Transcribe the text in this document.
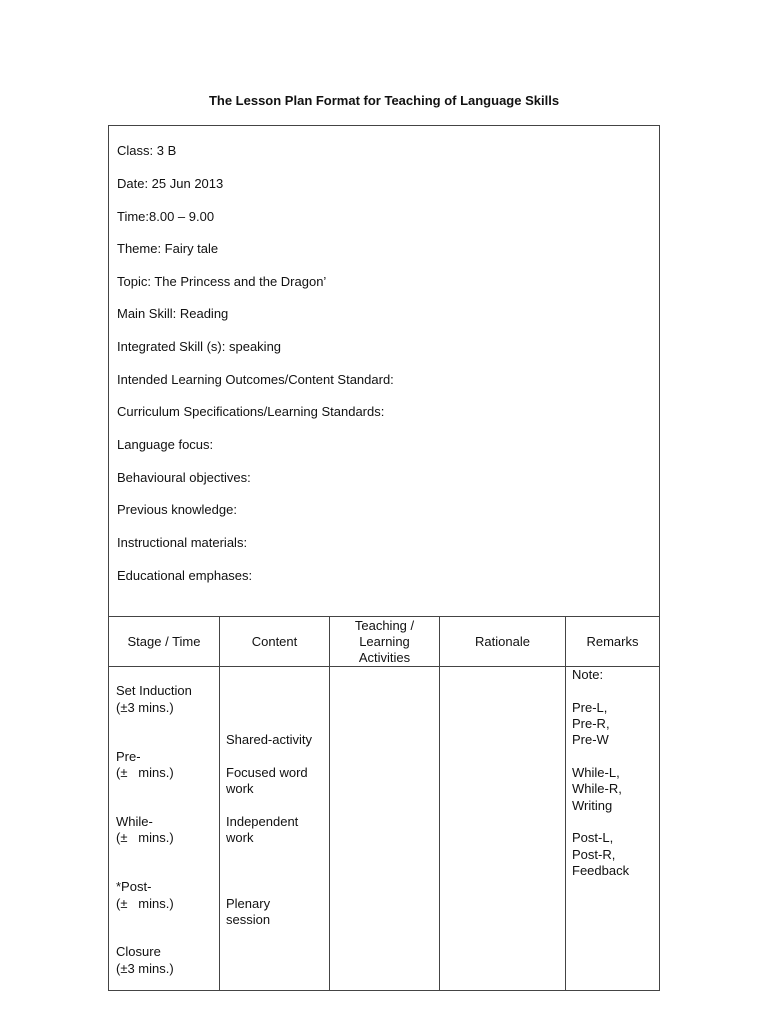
The Lesson Plan Format for Teaching of Language Skills
Class: 3 B
Date: 25 Jun 2013
Time:8.00 – 9.00
Theme: Fairy tale
Topic: The Princess and the Dragon’
Main Skill: Reading
Integrated Skill (s): speaking
Intended Learning Outcomes/Content Standard:
Curriculum Specifications/Learning Standards:
Language focus:
Behavioural objectives:
Previous knowledge:
Instructional materials:
Educational emphases:
Stage / Time	Content
Teaching /
Learning
Activities
Rationale	Remarks
Set Induction
(±3 mins.)
Pre-
(±   mins.)
While-
(±   mins.)
*Post-
(±   mins.)
Closure
(±3 mins.)
Shared-activity
Focused word
work
Independent
work
Plenary
session
Note:
Pre-L,
Pre-R,
Pre-W
While-L,
While-R,
Writing
Post-L,
Post-R,
Feedback
